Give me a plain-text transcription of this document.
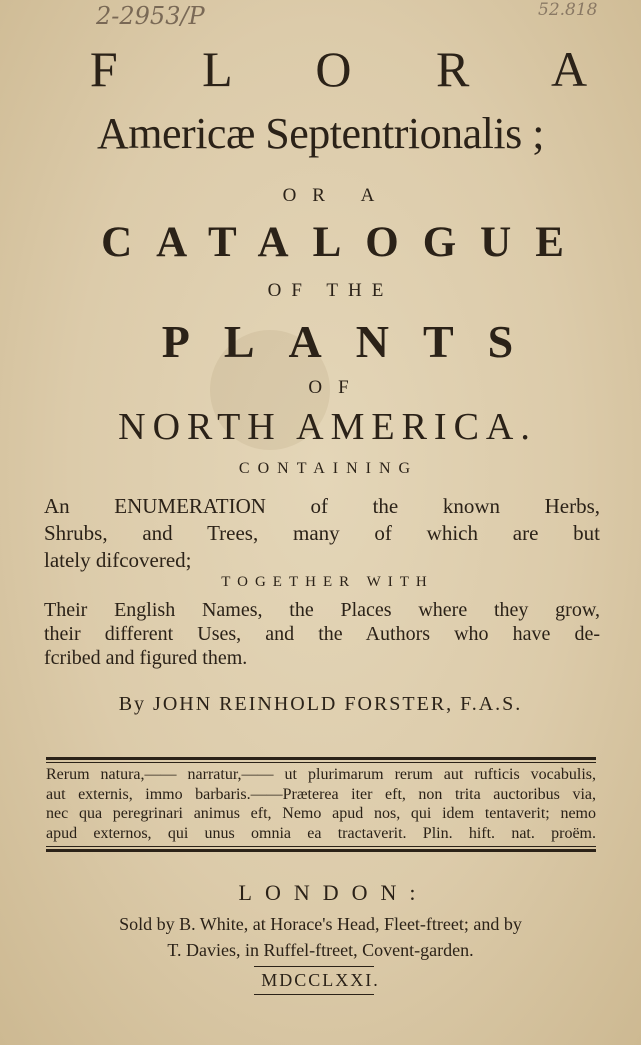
2-2953/P	52.818
F L O R A
Americæ Septentrionalis ;
OR A
CATALOGUE
OF THE
PLANTS
OF
NORTH AMERICA.
CONTAINING
An ENUMERATION of the known Herbs,
Shrubs, and Trees, many of which are but
lately difcovered;
TOGETHER WITH
Their English Names, the Places where they grow,
their different Uses, and the Authors who have de-
fcribed and figured them.
By JOHN REINHOLD FORSTER, F.A.S.
Rerum natura,—— narratur,—— ut plurimarum rerum aut rufticis vocabulis,
aut externis, immo barbaris.——Præterea iter eft, non trita auctoribus via,
nec qua peregrinari animus eft, Nemo apud nos, qui idem tentaverit; nemo
apud externos, qui unus omnia ea tractaverit. Plin. hift. nat. proëm.
LONDON:
Sold by B. White, at Horace's Head, Fleet-ftreet; and by
T. Davies, in Ruffel-ftreet, Covent-garden.
MDCCLXXI.
